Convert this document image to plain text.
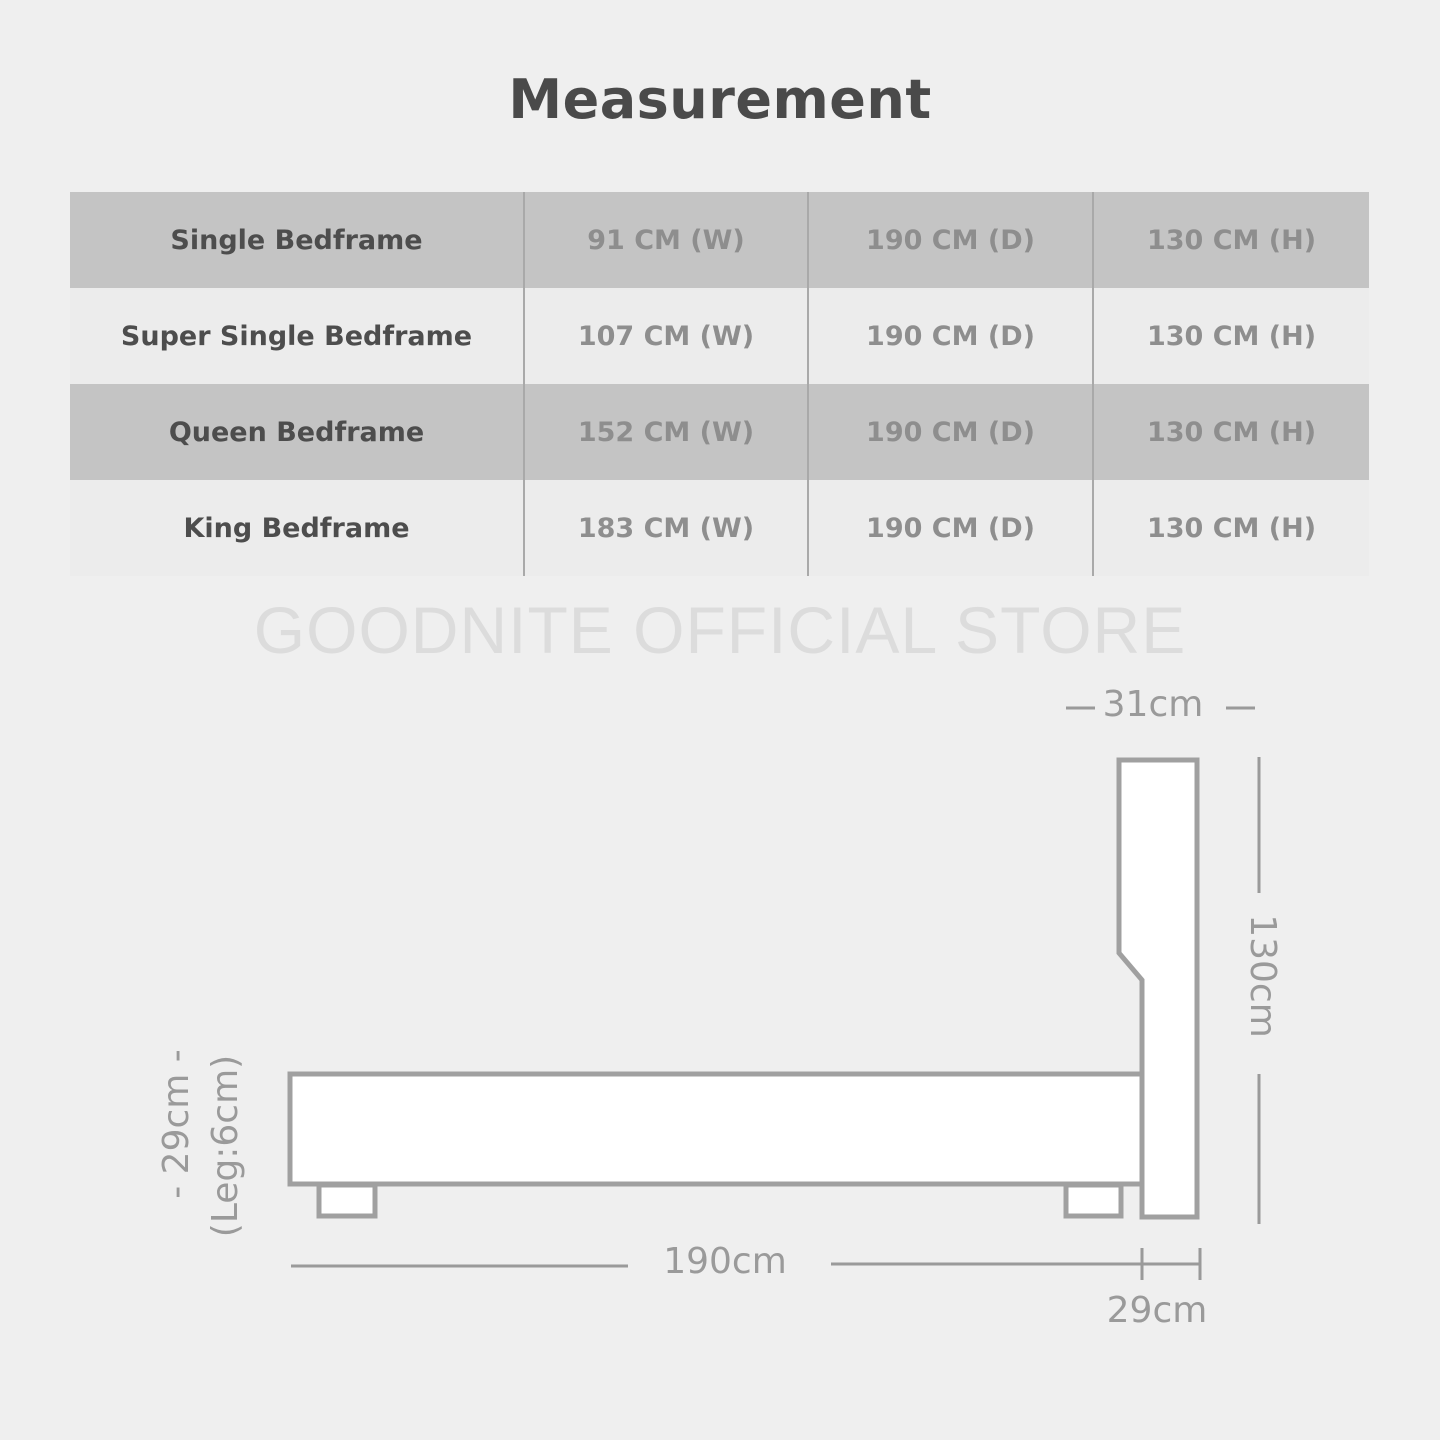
Measurement
Single Bedframe	91 CM (W)	190 CM (D)	130 CM (H)
Super Single Bedframe	107 CM (W)	190 CM (D)	130 CM (H)
Queen Bedframe	152 CM (W)	190 CM (D)	130 CM (H)
King Bedframe	183 CM (W)	190 CM (D)	130 CM (H)
GOODNITE OFFICIAL STORE
31cm
130cm
- 29cm - (Leg:6cm)
190cm
29cm
